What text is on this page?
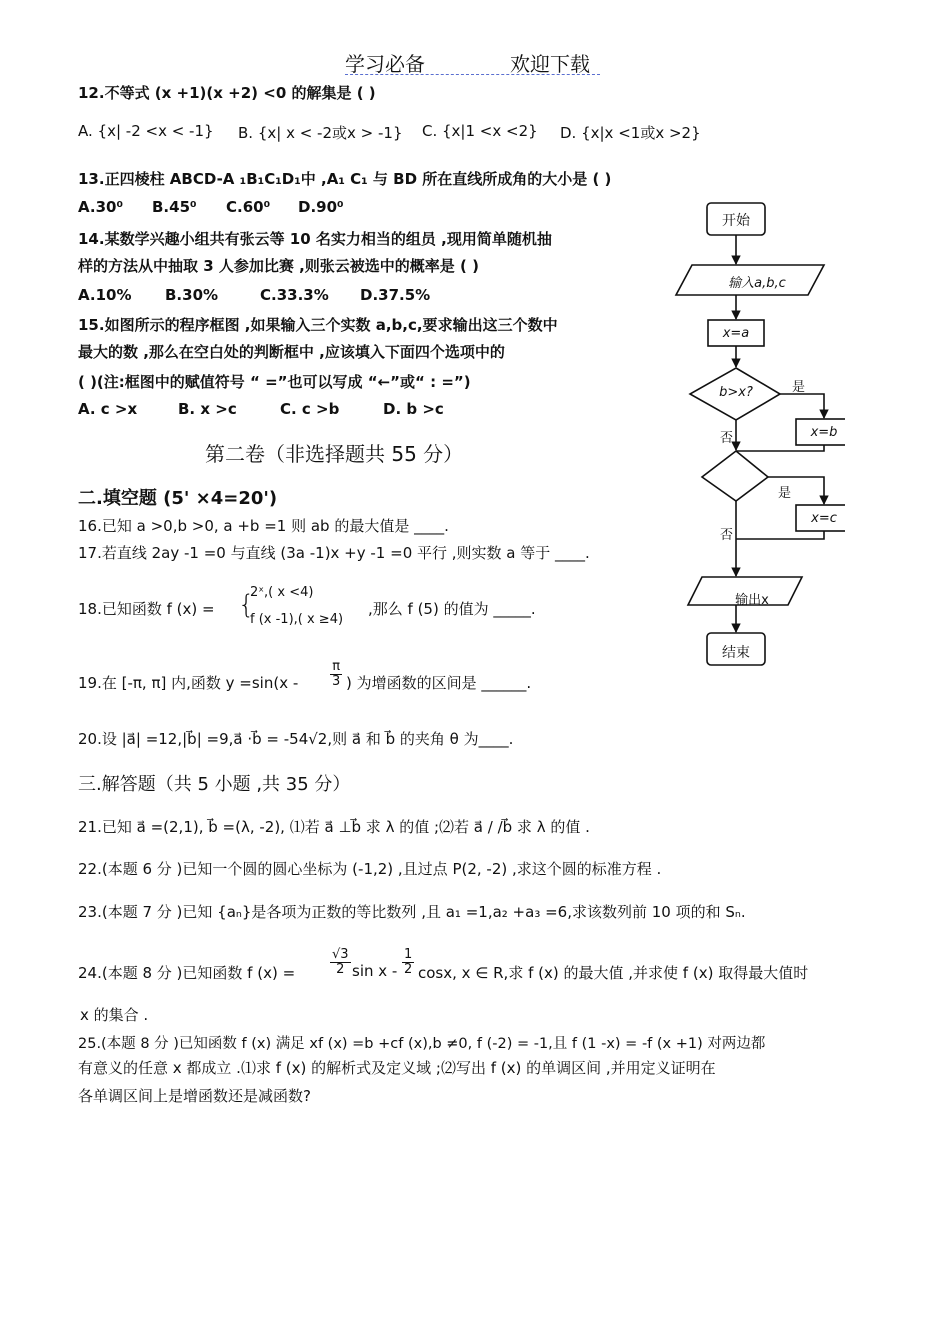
学习必备	欢迎下载
12.不等式 (x +1)(x +2) <0 的解集是 ( )
A. {x| -2 <x < -1} B. {x| x < -2或x > -1} C. {x|1 <x <2} D. {x|x <1或x >2}
13.正四棱柱 ABCD-A ₁B₁C₁D₁中 ,A₁ C₁ 与 BD 所在直线所成角的大小是 ( )
A.30⁰ B.45⁰ C.60⁰ D.90⁰
14.某数学兴趣小组共有张云等 10 名实力相当的组员 ,现用简单随机抽
样的方法从中抽取 3 人参加比赛 ,则张云被选中的概率是 ( )
A.10% B.30%	C.33.3% D.37.5%
15.如图所示的程序框图 ,如果输入三个实数 a,b,c,要求输出这三个数中
最大的数 ,那么在空白处的判断框中 ,应该填入下面四个选项中的
( )(注:框图中的赋值符号 “ =”也可以写成 “←”或“ : =”)
A. c >x	B. x >c	C. c >b	D. b >c
第二卷（非选择题共 55 分）
二.填空题 (5' ×4=20')
16.已知 a >0,b >0, a +b =1 则 ab 的最大值是 ____.
17.若直线 2ay -1 =0 与直线 (3a -1)x +y -1 =0 平行 ,则实数 a 等于 ____.
18.已知函数 f (x) = {
2ˣ,( x <4)
f (x -1),( x ≥4)
,那么 f (5) 的值为 _____.
19.在 [-π, π] 内,函数 $y =\sin(x - \frac{\pi}{3}$ ) 为增函数的区间是 ______.
20.设 |a⃗| =12,|b⃗| =9,a⃗ ·b⃗ = -54√2,则 a⃗ 和 b⃗ 的夹角 θ 为____.
三.解答题（共 5 小题 ,共 35 分）
21.已知 a⃗ =(2,1), b⃗ =(λ, -2), ⑴若 a⃗ ⊥b⃗ 求 λ 的值 ;⑵若 a⃗ / /b⃗ 求 λ 的值 .
22.(本题 6 分 )已知一个圆的圆心坐标为 (-1,2) ,且过点 P(2, -2) ,求这个圆的标准方程 .
23.(本题 7 分 )已知 {aₙ}是各项为正数的等比数列 ,且 a₁ =1,a₂ +a₃ =6,求该数列前 10 项的和 Sₙ.
24.(本题 8 分 )已知函数 f (x) =	$\frac{√3}{2}$ sin x - $\frac{1}{2} \cos x$, x ∈ R,求 f (x) 的最大值 ,并求使 f (x) 取得最大值时
x 的集合 .
25.(本题 8 分 )已知函数 f (x) 满足 xf (x) =b +cf (x),b ≠0, f (-2) = -1,且 f (1 -x) = -f (x +1) 对两边都
有意义的任意 x 都成立 .⑴求 f (x) 的解析式及定义域 ;⑵写出 f (x) 的单调区间 ,并用定义证明在
各单调区间上是增函数还是减函数?
开始
输入a,b,c
x=a
b>x?
x=b
x=c
输出x
结束
是
否
是
否
